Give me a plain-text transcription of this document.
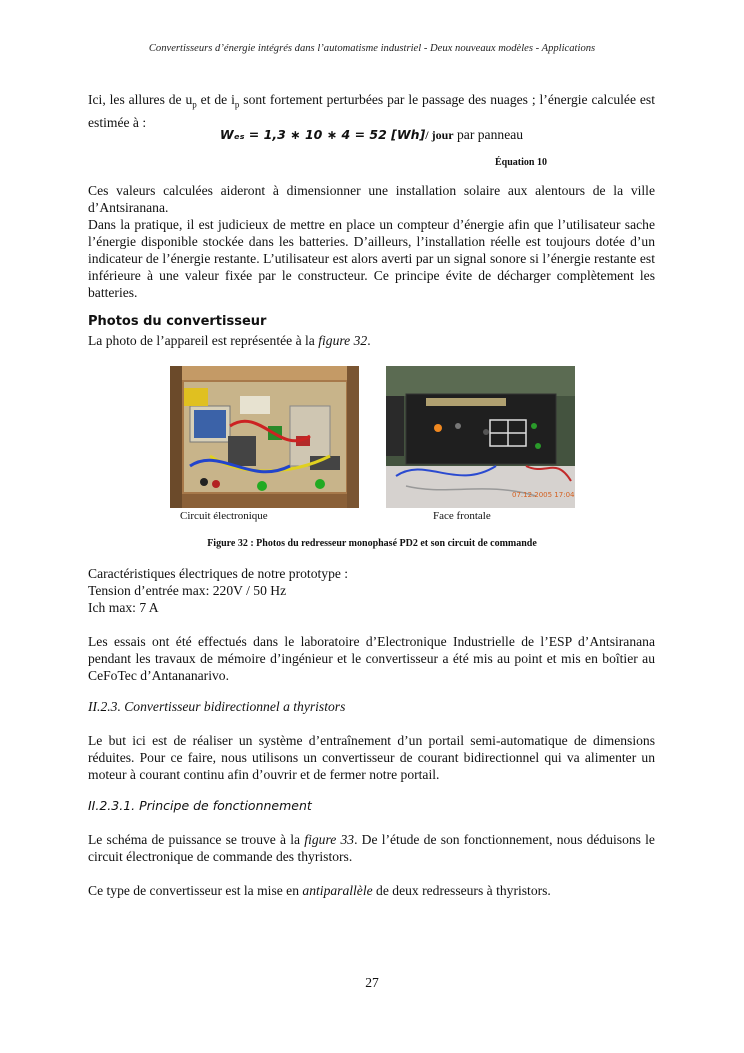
Convertisseurs d’énergie intégrés dans l’automatisme industriel - Deux nouveaux modèles - Applications

Ici, les allures de $u_p$ et de $i_p$ sont fortement perturbées par le passage des nuages ; l’énergie calculée est estimée à :

Wₑₛ = 1,3 ∗ 10 ∗ 4 = 52 [Wh]/ jour par panneau
Équation 10

Ces valeurs calculées aideront à dimensionner une installation solaire aux alentours de la ville d’Antsiranana.

Dans la pratique, il est judicieux de mettre en place un compteur d’énergie afin que l’utilisateur sache l’énergie disponible stockée dans les batteries. D’ailleurs, l’installation réelle est toujours dotée d’un indicateur de l’énergie restante. L’utilisateur est alors averti par un signal sonore si l’énergie restante est inférieure à une valeur fixée par le constructeur. Ce principe évite de décharger complètement les batteries.

Photos du convertisseur

La photo de l’appareil est représentée à la figure 32.

07.12.2005 17:04
Circuit électronique	Face frontale
Figure 32 : Photos du redresseur monophasé PD2 et son circuit de commande
Caractéristiques électriques de notre prototype :
Tension d’entrée max: 220V / 50 Hz
Ich max: 7 A

Les essais ont été effectués dans le laboratoire d’Electronique Industrielle de l’ESP d’Antsiranana pendant les travaux de mémoire d’ingénieur et le convertisseur a été mis au point et mis en boîtier au CeFoTec d’Antananarivo.

II.2.3. Convertisseur bidirectionnel a thyristors

Le but ici est de réaliser un système d’entraînement d’un portail semi-automatique de dimensions réduites. Pour ce faire, nous utilisons un convertisseur de courant bidirectionnel qui va alimenter un moteur à courant continu afin d’ouvrir et de fermer notre portail.

II.2.3.1. Principe de fonctionnement

Le schéma de puissance se trouve à la figure 33. De l’étude de son fonctionnement, nous déduisons le circuit électronique de commande des thyristors.

Ce type de convertisseur est la mise en antiparallèle de deux redresseurs à thyristors.

27
